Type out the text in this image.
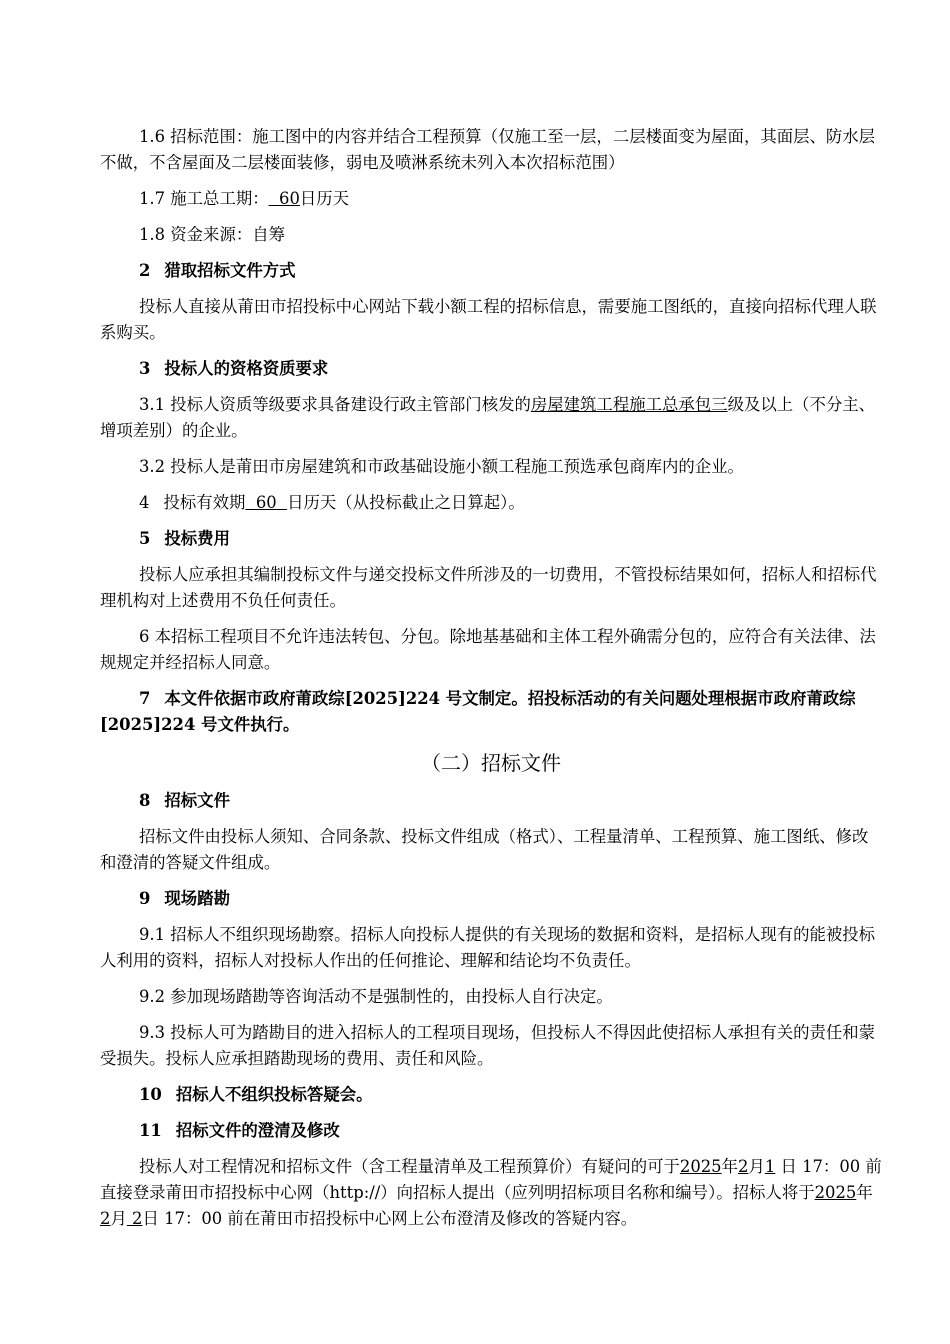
1.6 招标范围：施工图中的内容并结合工程预算（仅施工至一层，二层楼面变为屋面，其面层、防水层不做，不含屋面及二层楼面装修，弱电及喷淋系统未列入本次招标范围）

1.7 施工总工期： 60日历天

1.8 资金来源：自筹

2 猎取招标文件方式

投标人直接从莆田市招投标中心网站下载小额工程的招标信息，需要施工图纸的，直接向招标代理人联系购买。

3 投标人的资格资质要求

3.1 投标人资质等级要求具备建设行政主管部门核发的房屋建筑工程施工总承包三级及以上（不分主、增项差别）的企业。

3.2 投标人是莆田市房屋建筑和市政基础设施小额工程施工预选承包商库内的企业。

4 投标有效期 60 日历天（从投标截止之日算起）。

5 投标费用

投标人应承担其编制投标文件与递交投标文件所涉及的一切费用，不管投标结果如何，招标人和招标代理机构对上述费用不负任何责任。

6 本招标工程项目不允许违法转包、分包。除地基基础和主体工程外确需分包的，应符合有关法律、法规规定并经招标人同意。

7 本文件依据市政府莆政综[2025]224 号文制定。招投标活动的有关问题处理根据市政府莆政综[2025]224 号文件执行。

（二）招标文件

8 招标文件

招标文件由投标人须知、合同条款、投标文件组成（格式）、工程量清单、工程预算、施工图纸、修改和澄清的答疑文件组成。

9 现场踏勘

9.1 招标人不组织现场勘察。招标人向投标人提供的有关现场的数据和资料，是招标人现有的能被投标人利用的资料，招标人对投标人作出的任何推论、理解和结论均不负责任。

9.2 参加现场踏勘等咨询活动不是强制性的，由投标人自行决定。

9.3 投标人可为踏勘目的进入招标人的工程项目现场，但投标人不得因此使招标人承担有关的责任和蒙受损失。投标人应承担踏勘现场的费用、责任和风险。

10 招标人不组织投标答疑会。

11 招标文件的澄清及修改

投标人对工程情况和招标文件（含工程量清单及工程预算价）有疑问的可于2025年2月1 日 17：00 前直接登录莆田市招投标中心网（http://）向招标人提出（应列明招标项目名称和编号）。招标人将于2025年2月 2日 17：00 前在莆田市招投标中心网上公布澄清及修改的答疑内容。
